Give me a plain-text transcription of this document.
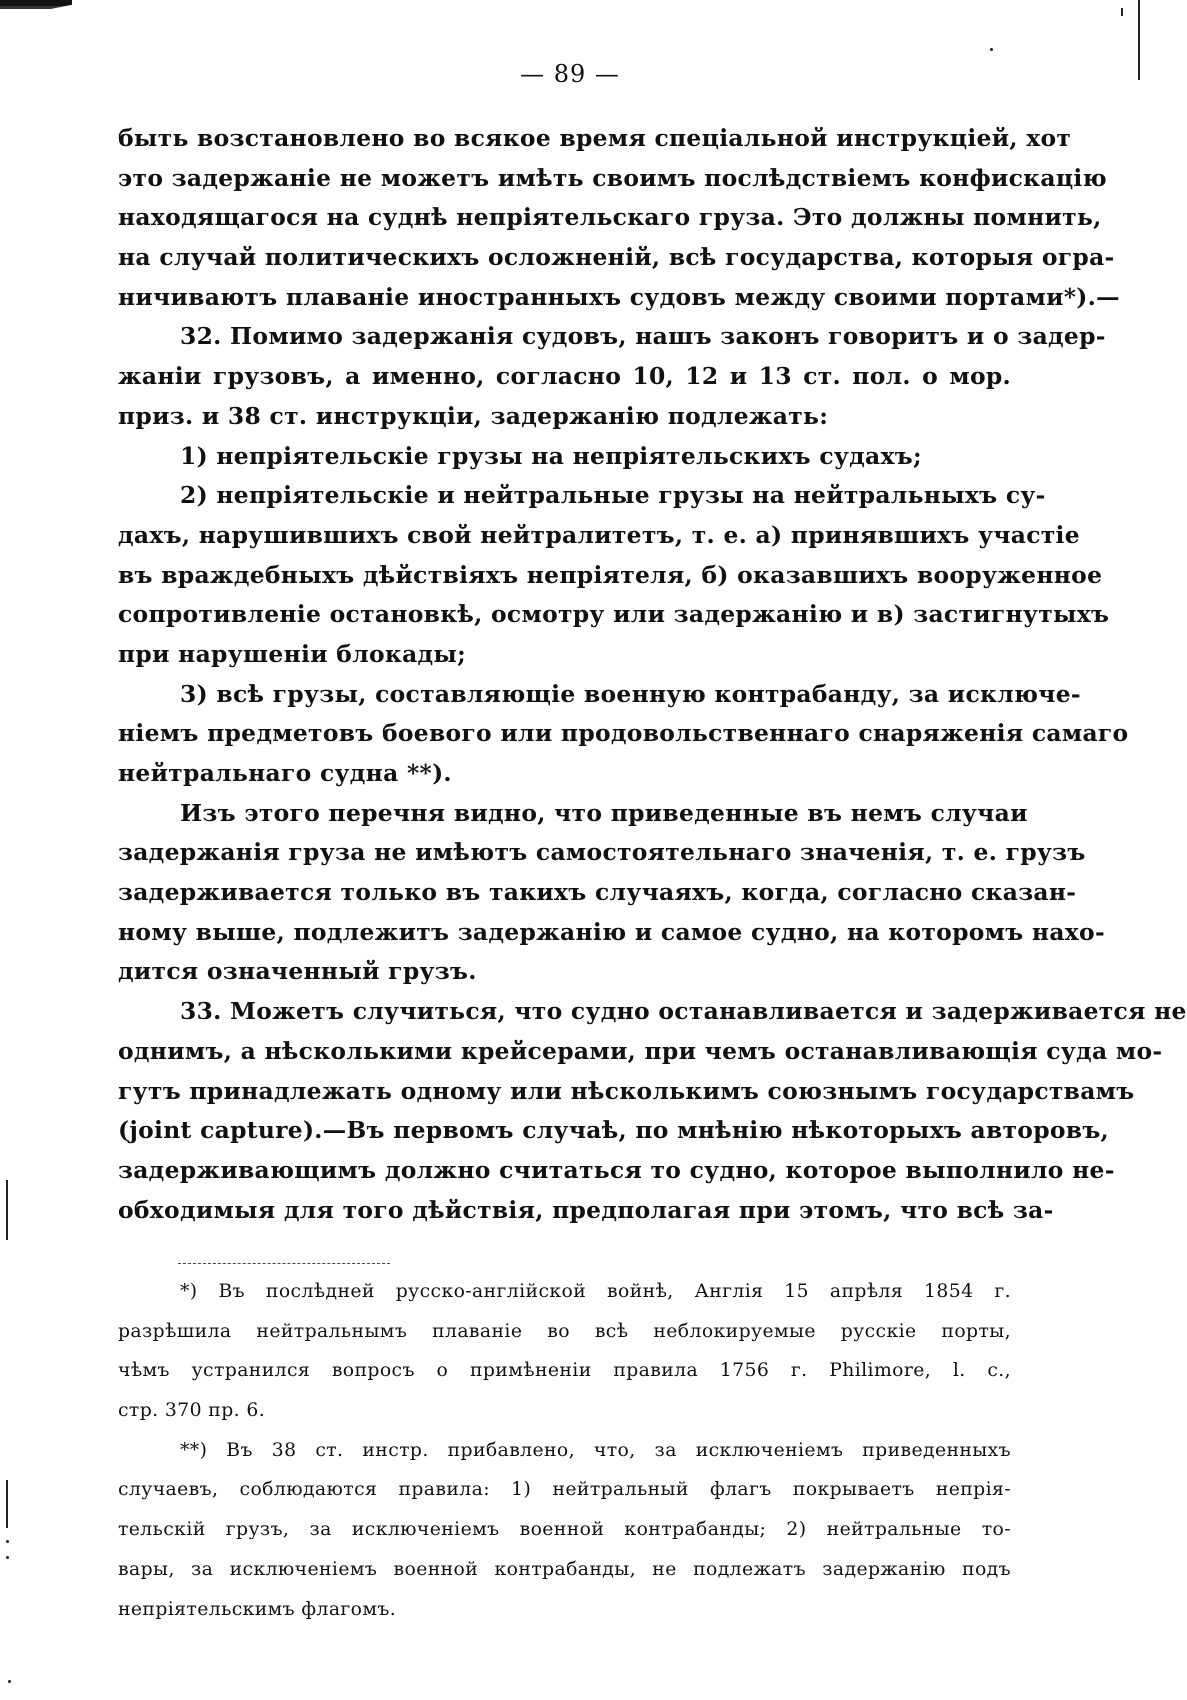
— 89 —
быть возстановлено во всякое время спеціальной инструкціей, хот
это задержаніе не можетъ имѣть своимъ послѣдствіемъ конфискацію
находящагося на суднѣ непріятельскаго груза. Это должны помнить,
на случай политическихъ осложненій, всѣ государства, которыя огра-
ничиваютъ плаваніе иностранныхъ судовъ между своими портами*).—
32. Помимо задержанія судовъ, нашъ законъ говоритъ и о задер-
жаніи грузовъ, а именно, согласно 10, 12 и 13 ст. пол. о мор.
приз. и 38 ст. инструкціи, задержанію подлежать:
1) непріятельскіе грузы на непріятельскихъ судахъ;
2) непріятельскіе и нейтральные грузы на нейтральныхъ су-
дахъ, нарушившихъ свой нейтралитетъ, т. е. а) принявшихъ участіе
въ враждебныхъ дѣйствіяхъ непріятеля, б) оказавшихъ вооруженное
сопротивленіе остановкѣ, осмотру или задержанію и в) застигнутыхъ
при нарушеніи блокады;
3) всѣ грузы, составляющіе военную контрабанду, за исключе-
ніемъ предметовъ боевого или продовольственнаго снаряженія самаго
нейтральнаго судна **).
Изъ этого перечня видно, что приведенные въ немъ случаи
задержанія груза не имѣютъ самостоятельнаго значенія, т. е. грузъ
задерживается только въ такихъ случаяхъ, когда, согласно сказан-
ному выше, подлежитъ задержанію и самое судно, на которомъ нахо-
дится означенный грузъ.
33. Можетъ случиться, что судно останавливается и задерживается не
однимъ, а нѣсколькими крейсерами, при чемъ останавливающія суда мо-
гутъ принадлежать одному или нѣсколькимъ союзнымъ государствамъ
(joint capture).—Въ первомъ случаѣ, по мнѣнію нѣкоторыхъ авторовъ,
задерживающимъ должно считаться то судно, которое выполнило не-
обходимыя для того дѣйствія, предполагая при этомъ, что всѣ за-
*) Въ послѣдней русско-англійской войнѣ, Англія 15 апрѣля 1854 г.
разрѣшила нейтральнымъ плаваніе во всѣ неблокируемые русскіе порты,
чѣмъ устранился вопросъ о примѣненіи правила 1756 г. Philimore, l. c.,
стр. 370 пр. 6.
**) Въ 38 ст. инстр. прибавлено, что, за исключеніемъ приведенныхъ
случаевъ, соблюдаются правила: 1) нейтральный флагъ покрываетъ непрія-
тельскій грузъ, за исключеніемъ военной контрабанды; 2) нейтральные то-
вары, за исключеніемъ военной контрабанды, не подлежатъ задержанію подъ
непріятельскимъ флагомъ.
